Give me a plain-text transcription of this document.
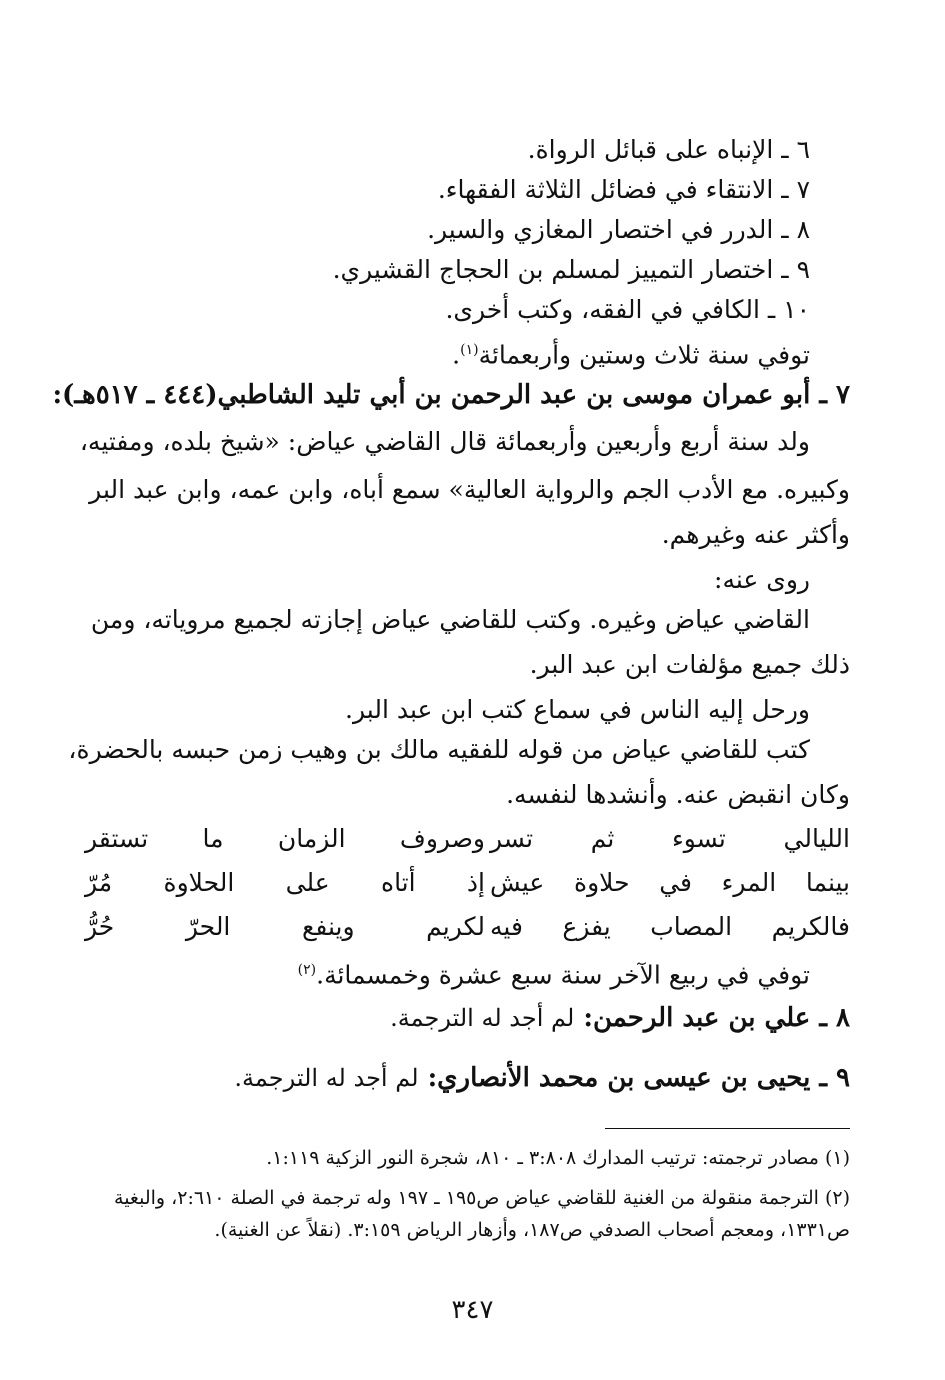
٦ ـ الإنباه على قبائل الرواة.
٧ ـ الانتقاء في فضائل الثلاثة الفقهاء.
٨ ـ الدرر في اختصار المغازي والسير.
٩ ـ اختصار التمييز لمسلم بن الحجاج القشيري.
١٠ ـ الكافي في الفقه، وكتب أخرى.
توفي سنة ثلاث وستين وأربعمائة$^{(١)}$.
٧ ـ أبو عمران موسى بن عبد الرحمن بن أبي تليد الشاطبي(٤٤٤ ـ ٥١٧هـ):
ولد سنة أربع وأربعين وأربعمائة قال القاضي عياض: «شيخ بلده، ومفتيه،
وكبيره. مع الأدب الجم والرواية العالية» سمع أباه، وابن عمه، وابن عبد البر
وأكثر عنه وغيرهم.
روى عنه:
القاضي عياض وغيره. وكتب للقاضي عياض إجازته لجميع مروياته، ومن
ذلك جميع مؤلفات ابن عبد البر.
ورحل إليه الناس في سماع كتب ابن عبد البر.
كتب للقاضي عياض من قوله للفقيه مالك بن وهيب زمن حبسه بالحضرة،
وكان انقبض عنه. وأنشدها لنفسه.
الليالي تسوء ثم تسر
وصروف الزمان ما تستقر
بينما المرء في حلاوة عيش
إذ أتاه على الحلاوة مُرّ
فالكريم المصاب يفزع فيه
لكريم وينفع الحرّ حُرُّ
توفي في ربيع الآخر سنة سبع عشرة وخمسمائة.$^{(٢)}$
٨ ـ علي بن عبد الرحمن: لم أجد له الترجمة.
٩ ـ يحيى بن عيسى بن محمد الأنصاري: لم أجد له الترجمة.
(١) مصادر ترجمته: ترتيب المدارك ٣:٨٠٨ ـ ٨١٠، شجرة النور الزكية ١:١١٩.
(٢) الترجمة منقولة من الغنية للقاضي عياض ص١٩٥ ـ ١٩٧ وله ترجمة في الصلة ٢:٦١٠، والبغية
ص١٣٣١، ومعجم أصحاب الصدفي ص١٨٧، وأزهار الرياض ٣:١٥٩. (نقلاً عن الغنية).
٣٤٧
